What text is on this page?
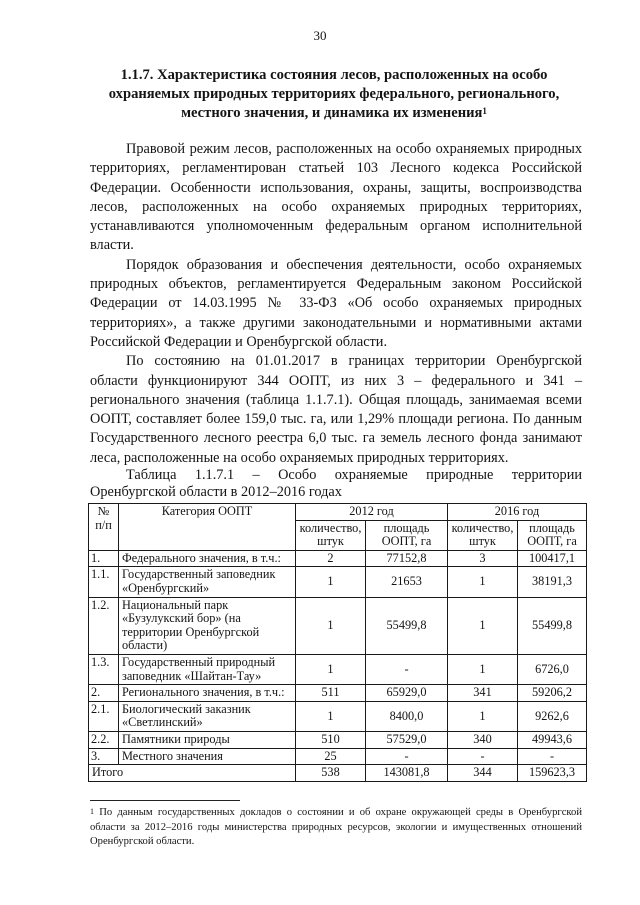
30
1.1.7. Характеристика состояния лесов, расположенных на особо охраняемых природных территориях федерального, регионального, местного значения, и динамика их изменения$^1$

Правовой режим лесов, расположенных на особо охраняемых природных территориях, регламентирован статьей 103 Лесного кодекса Российской Федерации. Особенности использования, охраны, защиты, воспроизводства лесов, расположенных на особо охраняемых природных территориях, устанавливаются уполномоченным федеральным органом исполнительной власти.

Порядок образования и обеспечения деятельности, особо охраняемых природных объектов, регламентируется Федеральным законом Российской Федерации от 14.03.1995 № 33-ФЗ «Об особо охраняемых природных территориях», а также другими законодательными и нормативными актами Российской Федерации и Оренбургской области.

По состоянию на 01.01.2017 в границах территории Оренбургской области функционируют 344 ООПТ, из них 3 – федерального и 341 – регионального значения (таблица 1.1.7.1). Общая площадь, занимаемая всеми ООПТ, составляет более 159,0 тыс. га, или 1,29% площади региона. По данным Государственного лесного реестра 6,0 тыс. га земель лесного фонда занимают леса, расположенные на особо охраняемых природных территориях.

Таблица 1.1.7.1 – Особо охраняемые природные территории
Оренбургской области в 2012–2016 годах
№ п/п	Категория ООПТ	2012 год		2016 год	
		количество, штук	площадь ООПТ, га	количество, штук	площадь ООПТ, га
1.	Федерального значения, в т.ч.:	2	77152,8	3	100417,1
1.1.	Государственный заповедник «Оренбургский»	1	21653	1	38191,3
1.2.	Национальный парк «Бузулукский бор» (на территории Оренбургской области)	1	55499,8	1	55499,8
1.3.	Государственный природный заповедник «Шайтан-Тау»	1	-	1	6726,0
2.	Регионального значения, в т.ч.:	511	65929,0	341	59206,2
2.1.	Биологический заказник «Светлинский»	1	8400,0	1	9262,6
2.2.	Памятники природы	510	57529,0	340	49943,6
3.	Местного значения	25	-	-	-
Итого		538	143081,8	344	159623,3
$^1$ По данным государственных докладов о состоянии и об охране окружающей среды в Оренбургской области за 2012–2016 годы министерства природных ресурсов, экологии и имущественных отношений Оренбургской области.
